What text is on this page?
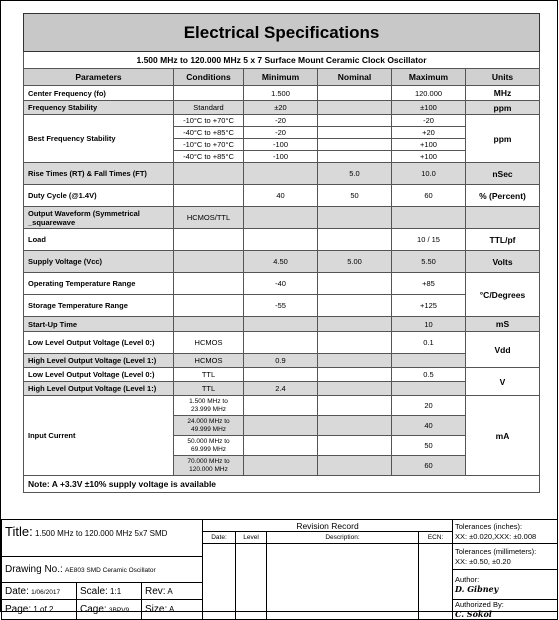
Electrical Specifications					
1.500 MHz to 120.000 MHz 5 x 7 Surface Mount Ceramic Clock Oscillator					
Parameters	Conditions	Minimum	Nominal	Maximum	Units
Center Frequency (fo)		1.500		120.000	MHz
Frequency Stability	Standard	±20		±100	ppm
Best Frequency Stability	-10°C to +70°C	-20		-20	ppm
	-40°C to +85°C	-20		+20	
	-10°C to +70°C	-100		+100	
	-40°C to +85°C	-100		+100	
Rise Times (RT) & Fall Times (FT)			5.0	10.0	nSec
Duty Cycle (@1.4V)		40	50	60	% (Percent)
Output Waveform (Symmetrical _squarewave	HCMOS/TTL				
Load				10 / 15	TTL/pf
Supply Voltage (Vcc)		4.50	5.00	5.50	Volts
Operating Temperature Range		-40		+85	°C/Degrees
Storage Temperature Range		-55		+125	
Start-Up Time				10	mS
Low Level Output Voltage (Level 0:)	HCMOS			0.1	Vdd
High Level Output Voltage (Level 1:)	HCMOS	0.9			
Low Level Output Voltage (Level 0:)	TTL			0.5	V
High Level Output Voltage (Level 1:)	TTL	2.4			
Input Current	1.500 MHz to
23.999 MHz			20	mA
	24.000 MHz to
49.999 MHz			40	
	50.000 MHz to
69.999 MHz			50	
	70.000 MHz to
120.000 MHz			60	
Note: A +3.3V ±10% supply voltage is available					
Title: 1.500 MHz to 120.000 MHz 5x7 SMD			Revision Record				Tolerances (inches):
XX: ±0.020,XXX: ±0.008
			Date:	Level	Description:	ECN:	
							Tolerances (millimeters):
XX: ±0.50, ±0.20
Drawing No.: AE803 SMD Ceramic Oscillator							
							Author:
D. Gibney
Date: 1/06/2017	Scale: 1:1	Rev: A					
Page: 1 of 2	Cage: 3BPV9	Size: A					Authorized By:
C. Sokol
